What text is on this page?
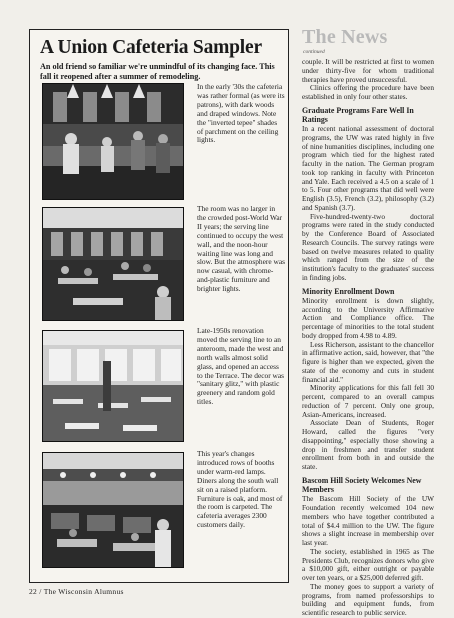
A Union Cafeteria Sampler
An old friend so familiar we're unmindful of its changing face. This fall it reopened after a summer of remodeling.
In the early '30s the cafeteria was rather formal (as were its patrons), with dark woods and draped windows. Note the "inverted tepee" shades of parchment on the ceiling lights.
The room was no larger in the crowded post-World War II years; the serving line continued to occupy the west wall, and the noon-hour waiting line was long and slow. But the atmosphere was now casual, with chrome-and-plastic furniture and brighter lights.
Late-1950s renovation moved the serving line to an anteroom, made the west and north walls almost solid glass, and opened an access to the Terrace. The decor was "sanitary glitz," with plastic greenery and random gold titles.
This year's changes introduced rows of booths under warm-red lamps. Diners along the south wall sit on a raised platform. Furniture is oak, and most of the room is carpeted. The cafeteria averages 2300 customers daily.
The News
continued

couple. It will be restricted at first to women under thirty-five for whom traditional therapies have proved unsuccessful.

Clinics offering the procedure have been established in only four other states.

Graduate Programs Fare Well In Ratings

In a recent national assessment of doctoral programs, the UW was rated highly in five of nine humanities disciplines, including one program which tied for the highest rated faculty in the nation. The German program took top ranking in faculty with Princeton and Yale. Each received a 4.5 on a scale of 1 to 5. Four other programs that did well were English (3.5), French (3.2), philosophy (3.2) and Spanish (3.7).

Five-hundred-twenty-two doctoral programs were rated in the study conducted by the Conference Board of Associated Research Councils. The survey ratings were based on twelve measures related to quality which ranged from the size of the institution's faculty to the graduates' success in finding jobs.

Minority Enrollment Down

Minority enrollment is down slightly, according to the University Affirmative Action and Compliance office. The percentage of minorities to the total student body dropped from 4.98 to 4.89.

Less Richerson, assistant to the chancellor in affirmative action, said, however, that "the figure is higher than we expected, given the state of the economy and cuts in student financial aid."

Minority applications for this fall fell 30 percent, compared to an overall campus reduction of 7 percent. Only one group, Asian-Americans, increased.

Associate Dean of Students, Roger Howard, called the figures "very disappointing," especially those showing a drop in freshmen and transfer student enrollment from both in and outside the state.

Bascom Hill Society Welcomes New Members

The Bascom Hill Society of the UW Foundation recently welcomed 104 new members who have together contributed a total of $4.4 million to the UW. The figure shows a slight increase in membership over last year.

The society, established in 1965 as The Presidents Club, recognizes donors who give a $10,000 gift, either outright or payable over ten years, or a $25,000 deferred gift.

The money goes to support a variety of programs, from named professorships to building and equipment funds, from scientific research to public service.

22 / The Wisconsin Alumnus
